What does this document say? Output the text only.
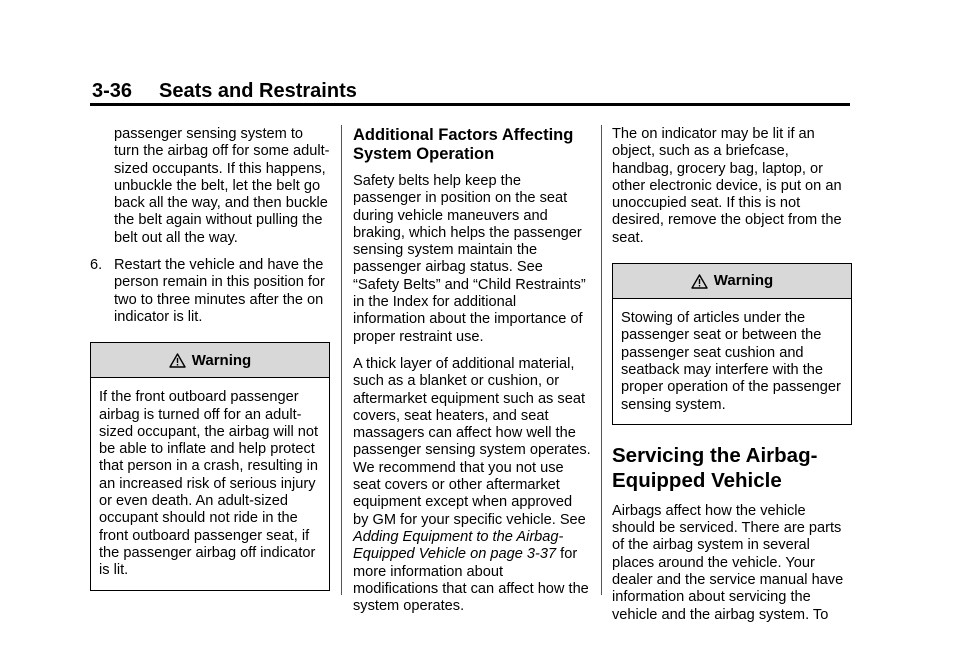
3-36 Seats and Restraints

passenger sensing system to turn the airbag off for some adult-sized occupants. If this happens, unbuckle the belt, let the belt go back all the way, and then buckle the belt again without pulling the belt out all the way.

6. Restart the vehicle and have the person remain in this position for two to three minutes after the on indicator is lit.
Warning
If the front outboard passenger airbag is turned off for an adult-sized occupant, the airbag will not be able to inflate and help protect that person in a crash, resulting in an increased risk of serious injury or even death. An adult-sized occupant should not ride in the front outboard passenger seat, if the passenger airbag off indicator is lit.
Additional Factors Affecting System Operation

Safety belts help keep the passenger in position on the seat during vehicle maneuvers and braking, which helps the passenger sensing system maintain the passenger airbag status. See “Safety Belts” and “Child Restraints” in the Index for additional information about the importance of proper restraint use.

A thick layer of additional material, such as a blanket or cushion, or aftermarket equipment such as seat covers, seat heaters, and seat massagers can affect how well the passenger sensing system operates. We recommend that you not use seat covers or other aftermarket equipment except when approved by GM for your specific vehicle. See Adding Equipment to the Airbag-Equipped Vehicle on page 3-37 for more information about modifications that can affect how the system operates.

The on indicator may be lit if an object, such as a briefcase, handbag, grocery bag, laptop, or other electronic device, is put on an unoccupied seat. If this is not desired, remove the object from the seat.

Warning
Stowing of articles under the passenger seat or between the passenger seat cushion and seatback may interfere with the proper operation of the passenger sensing system.
Servicing the Airbag-Equipped Vehicle

Airbags affect how the vehicle should be serviced. There are parts of the airbag system in several places around the vehicle. Your dealer and the service manual have information about servicing the vehicle and the airbag system. To
